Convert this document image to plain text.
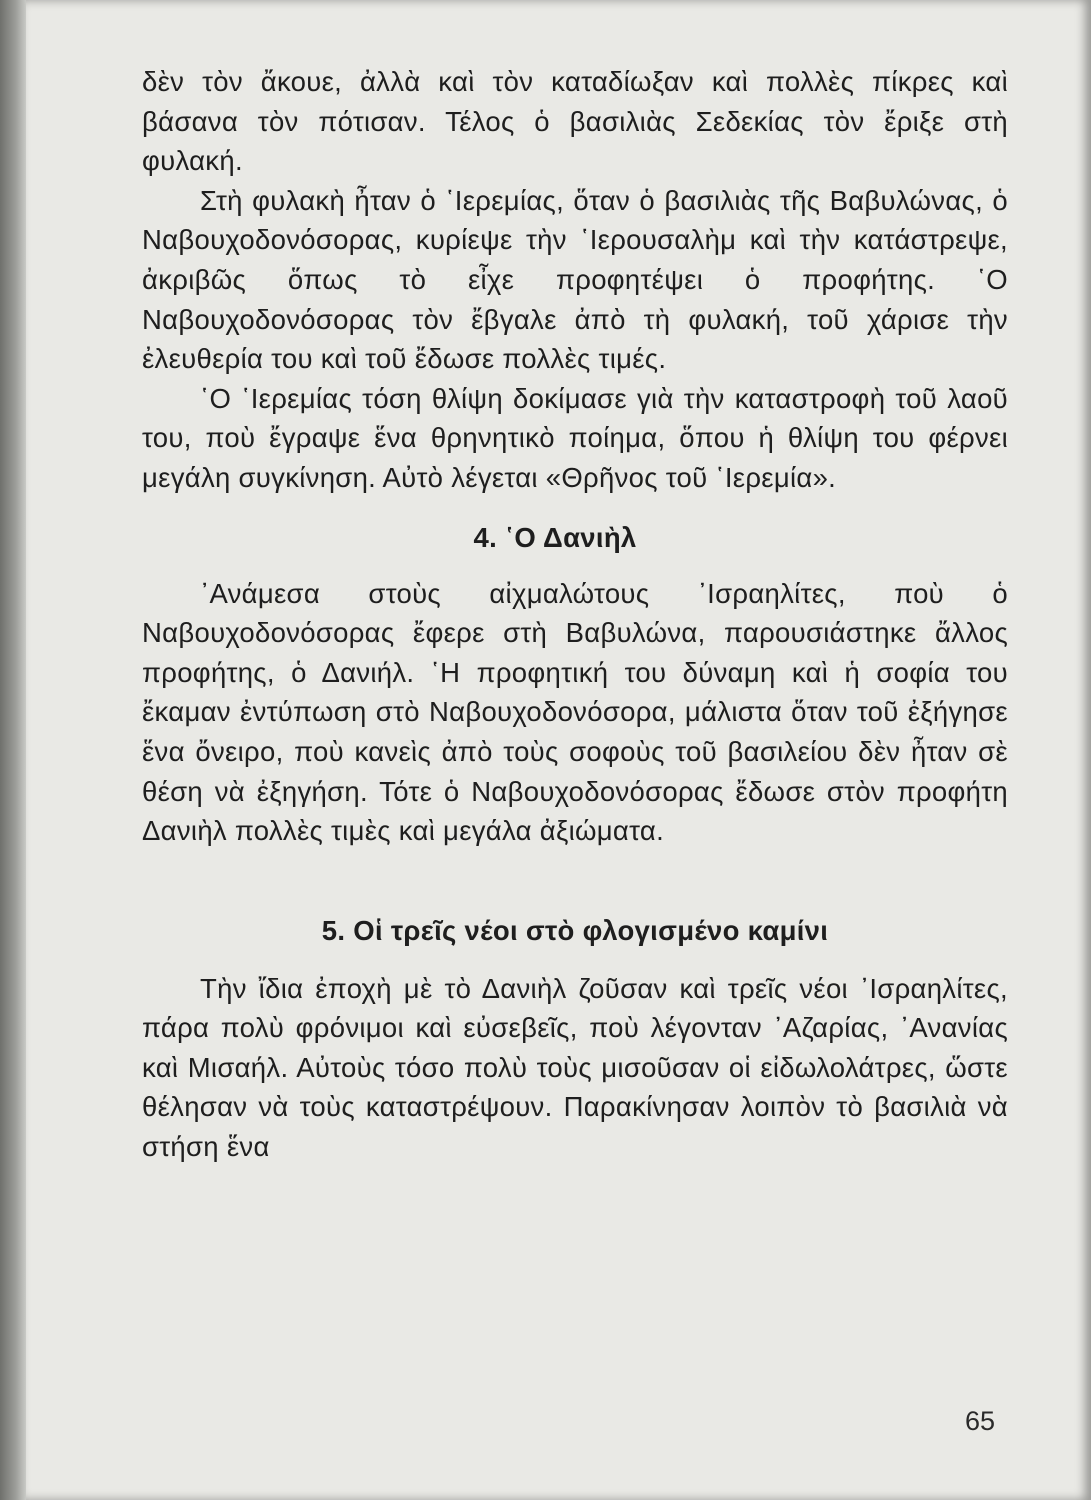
δὲν τὸν ἄκουε, ἀλλὰ καὶ τὸν καταδίωξαν καὶ πολλὲς πίκρες καὶ βάσανα τὸν πότισαν. Τέλος ὁ βασιλιὰς Σεδεκίας τὸν ἔριξε στὴ φυλακή.

Στὴ φυλακὴ ἦταν ὁ ῾Ιερεμίας, ὅταν ὁ βασιλιὰς τῆς Βαβυλώνας, ὁ Ναβουχοδονόσορας, κυρίεψε τὴν ῾Ιερουσαλὴμ καὶ τὴν κατάστρεψε, ἀκριβῶς ὅπως τὸ εἶχε προφητέψει ὁ προφήτης. ῾Ο Ναβουχοδονόσορας τὸν ἔβγαλε ἀπὸ τὴ φυλακή, τοῦ χάρισε τὴν ἐλευθερία του καὶ τοῦ ἔδωσε πολλὲς τιμές.

῾Ο ῾Ιερεμίας τόση θλίψη δοκίμασε γιὰ τὴν καταστροφὴ τοῦ λαοῦ του, ποὺ ἔγραψε ἕνα θρηνητικὸ ποίημα, ὅπου ἡ θλίψη του φέρνει μεγάλη συγκίνηση. Αὐτὸ λέγεται «Θρῆνος τοῦ ῾Ιερεμία».

4. ῾Ο Δανιὴλ

᾿Ανάμεσα στοὺς αἰχμαλώτους ᾿Ισραηλίτες, ποὺ ὁ Ναβουχοδονόσορας ἔφερε στὴ Βαβυλώνα, παρουσιάστηκε ἄλλος προφήτης, ὁ Δανιήλ. ῾Η προφητική του δύναμη καὶ ἡ σοφία του ἔκαμαν ἐντύπωση στὸ Ναβουχοδονόσορα, μάλιστα ὅταν τοῦ ἐξήγησε ἕνα ὄνειρο, ποὺ κανεὶς ἀπὸ τοὺς σοφοὺς τοῦ βασιλείου δὲν ἦταν σὲ θέση νὰ ἐξηγήση. Τότε ὁ Ναβουχοδονόσορας ἔδωσε στὸν προφήτη Δανιὴλ πολλὲς τιμὲς καὶ μεγάλα ἀξιώματα.

5. Οἱ τρεῖς νέοι στὸ φλογισμένο καμίνι

Τὴν ἴδια ἐποχὴ μὲ τὸ Δανιὴλ ζοῦσαν καὶ τρεῖς νέοι ᾿Ισραηλίτες, πάρα πολὺ φρόνιμοι καὶ εὐσεβεῖς, ποὺ λέγονταν ᾿Αζαρίας, ᾿Ανανίας καὶ Μισαήλ. Αὐτοὺς τόσο πολὺ τοὺς μισοῦσαν οἱ εἰδωλολάτρες, ὥστε θέλησαν νὰ τοὺς καταστρέψουν. Παρακίνησαν λοιπὸν τὸ βασιλιὰ νὰ στήση ἕνα

65
